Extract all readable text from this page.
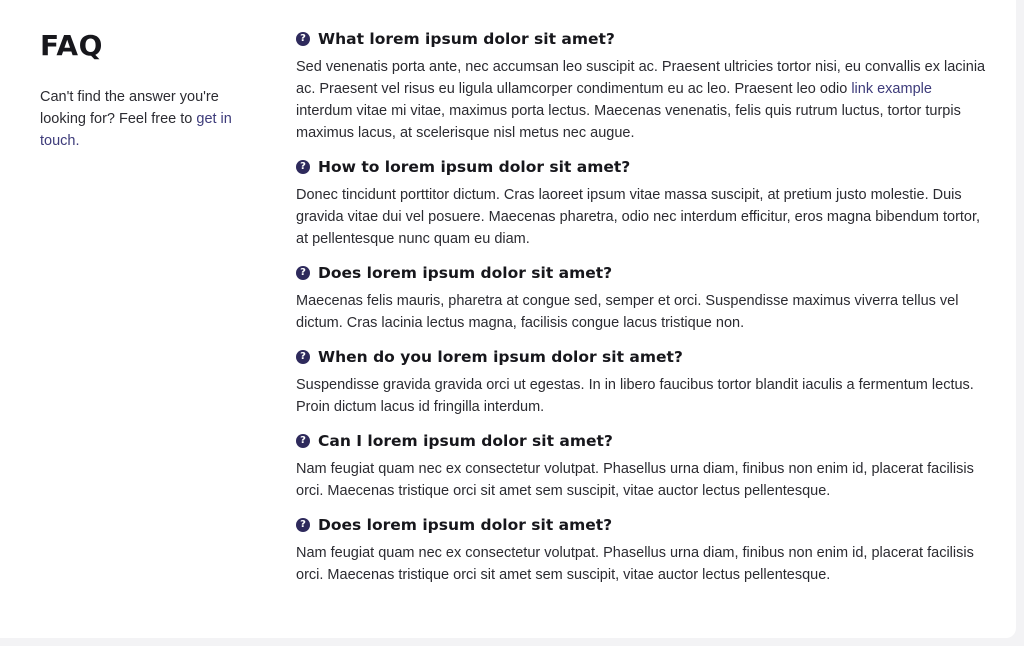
FAQ
Can't find the answer you're looking for? Feel free to get in touch.
? What lorem ipsum dolor sit amet?
Sed venenatis porta ante, nec accumsan leo suscipit ac. Praesent ultricies tortor nisi, eu convallis ex lacinia ac. Praesent vel risus eu ligula ullamcorper condimentum eu ac leo. Praesent leo odio link example interdum vitae mi vitae, maximus porta lectus. Maecenas venenatis, felis quis rutrum luctus, tortor turpis maximus lacus, at scelerisque nisl metus nec augue.
? How to lorem ipsum dolor sit amet?
Donec tincidunt porttitor dictum. Cras laoreet ipsum vitae massa suscipit, at pretium justo molestie. Duis gravida vitae dui vel posuere. Maecenas pharetra, odio nec interdum efficitur, eros magna bibendum tortor, at pellentesque nunc quam eu diam.
? Does lorem ipsum dolor sit amet?
Maecenas felis mauris, pharetra at congue sed, semper et orci. Suspendisse maximus viverra tellus vel dictum. Cras lacinia lectus magna, facilisis congue lacus tristique non.
? When do you lorem ipsum dolor sit amet?
Suspendisse gravida gravida orci ut egestas. In in libero faucibus tortor blandit iaculis a fermentum lectus. Proin dictum lacus id fringilla interdum.
? Can I lorem ipsum dolor sit amet?
Nam feugiat quam nec ex consectetur volutpat. Phasellus urna diam, finibus non enim id, placerat facilisis orci. Maecenas tristique orci sit amet sem suscipit, vitae auctor lectus pellentesque.
? Does lorem ipsum dolor sit amet?
Nam feugiat quam nec ex consectetur volutpat. Phasellus urna diam, finibus non enim id, placerat facilisis orci. Maecenas tristique orci sit amet sem suscipit, vitae auctor lectus pellentesque.
